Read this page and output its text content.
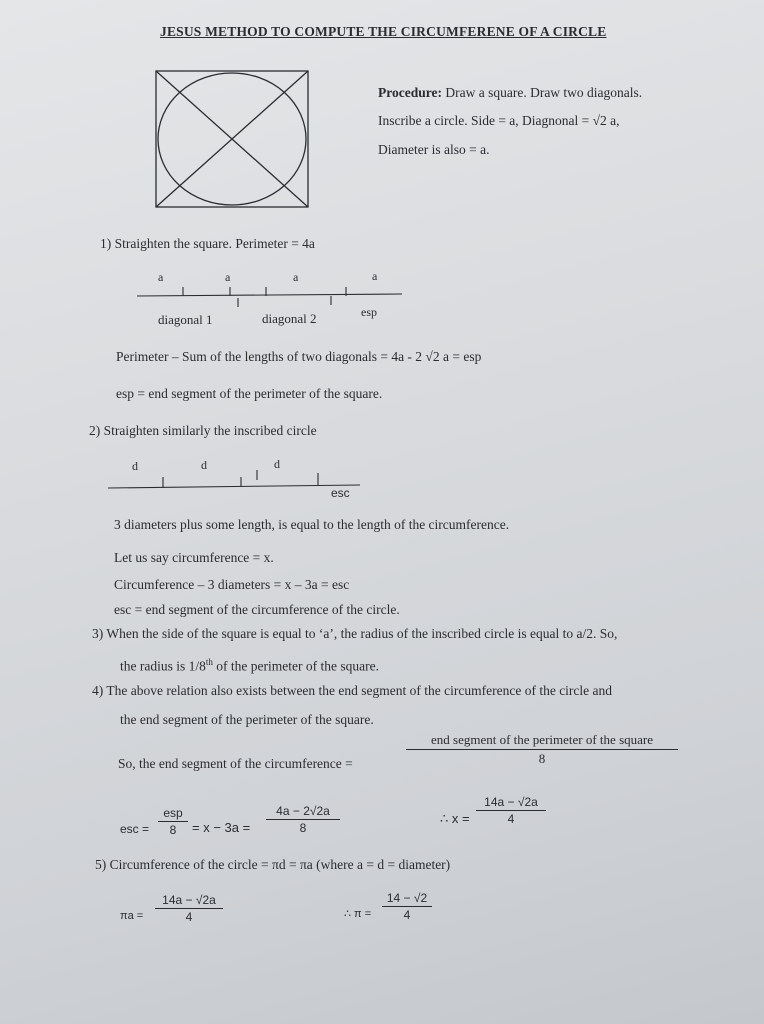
JESUS METHOD TO COMPUTE THE CIRCUMFERENE OF A CIRCLE
Procedure: Draw a square. Draw two diagonals.
Inscribe a circle. Side = a, Diagnonal = √2 a,
Diameter is also = a.
1) Straighten the square. Perimeter = 4a
a	a	a	a
diagonal 1	diagonal 2	esp
Perimeter – Sum of the lengths of two diagonals = 4a - 2 √2 a = esp
esp = end segment of the perimeter of the square.
2) Straighten similarly the inscribed circle
d	d	d
esc
3 diameters plus some length, is equal to the length of the circumference.
Let us say circumference = x.
Circumference – 3 diameters = x – 3a = esc
esc = end segment of the circumference of the circle.
3) When the side of the square is equal to ‘a’, the radius of the inscribed circle is equal to a/2. So,
the radius is 1/8th of the perimeter of the square.
4) The above relation also exists between the end segment of the circumference of the circle and
the end segment of the perimeter of the square.
So, the end segment of the circumference =
end segment of the perimeter of the square
8
esc =
esp
8	= x − 3a =
4a − 2√2a
8
∴ x =
14a − √2a
4
5) Circumference of the circle = πd = πa (where a = d = diameter)
πa =
14a − √2a
4	∴ π =
14 − √2
4
